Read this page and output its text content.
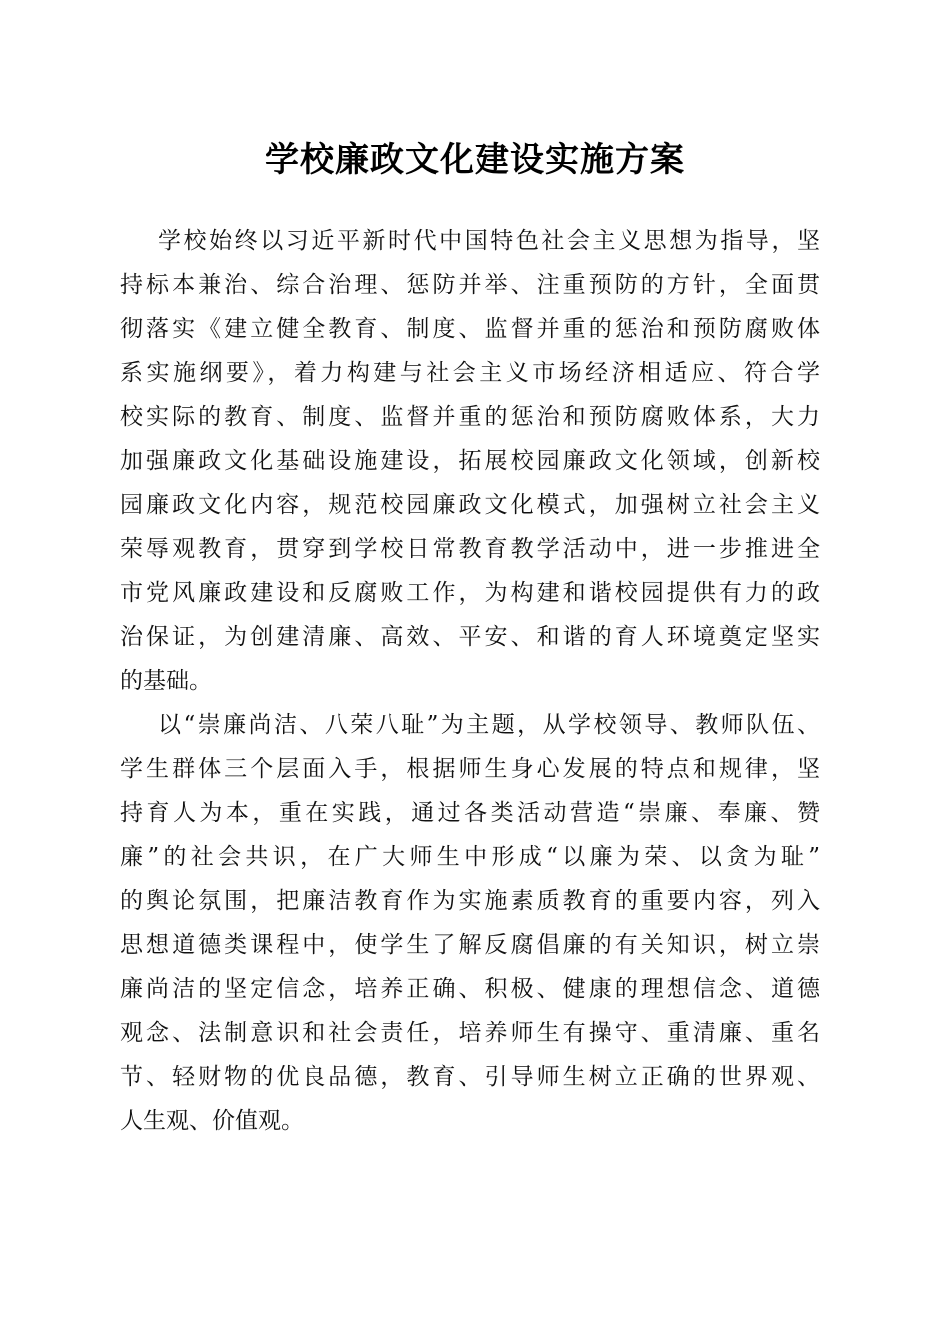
学校廉政文化建设实施方案
学校始终以习近平新时代中国特色社会主义思想为指导，坚
持标本兼治、综合治理、惩防并举、注重预防的方针，全面贯
彻落实《建立健全教育、制度、监督并重的惩治和预防腐败体
系实施纲要》，着力构建与社会主义市场经济相适应、符合学
校实际的教育、制度、监督并重的惩治和预防腐败体系，大力
加强廉政文化基础设施建设，拓展校园廉政文化领域，创新校
园廉政文化内容，规范校园廉政文化模式，加强树立社会主义
荣辱观教育，贯穿到学校日常教育教学活动中，进一步推进全
市党风廉政建设和反腐败工作，为构建和谐校园提供有力的政
治保证，为创建清廉、高效、平安、和谐的育人环境奠定坚实
的基础。
以“崇廉尚洁、八荣八耻”为主题，从学校领导、教师队伍、
学生群体三个层面入手，根据师生身心发展的特点和规律，坚
持育人为本，重在实践，通过各类活动营造“崇廉、奉廉、赞
廉”的社会共识，在广大师生中形成“以廉为荣、以贪为耻”
的舆论氛围，把廉洁教育作为实施素质教育的重要内容，列入
思想道德类课程中，使学生了解反腐倡廉的有关知识，树立崇
廉尚洁的坚定信念，培养正确、积极、健康的理想信念、道德
观念、法制意识和社会责任，培养师生有操守、重清廉、重名
节、轻财物的优良品德，教育、引导师生树立正确的世界观、
人生观、价值观。
